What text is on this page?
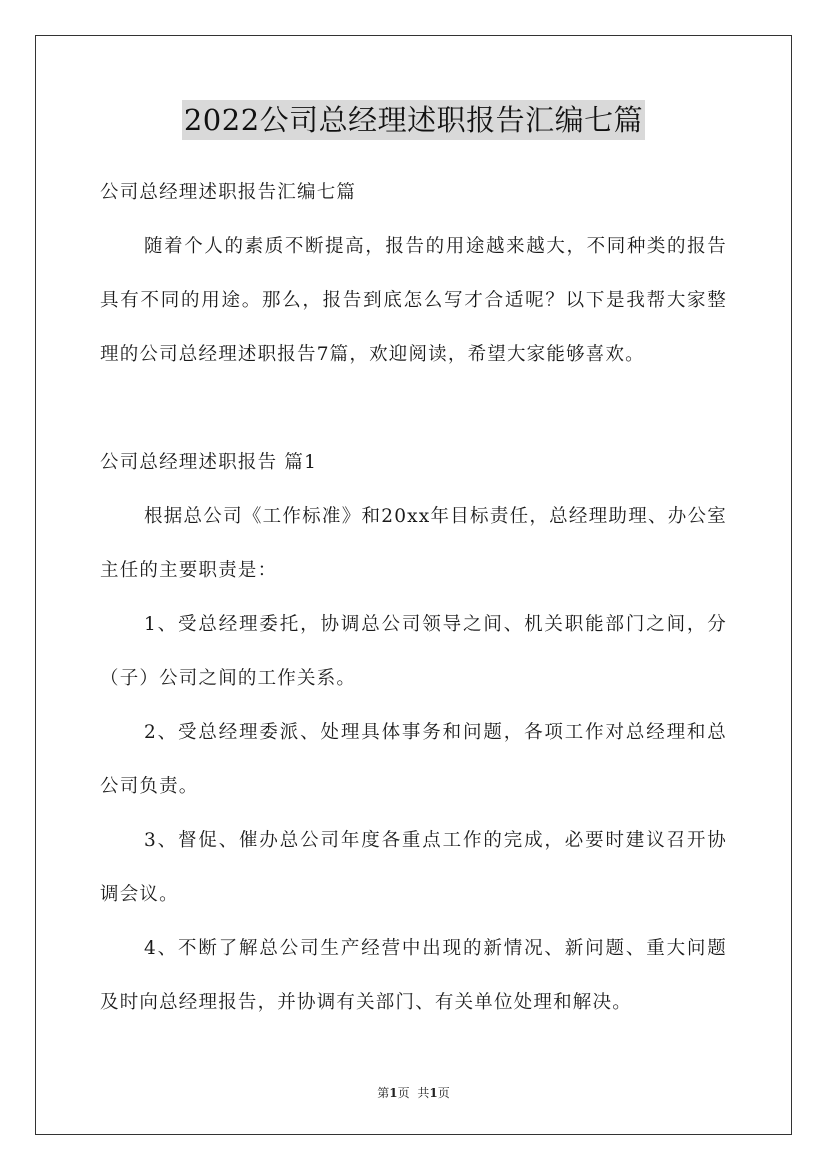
2022公司总经理述职报告汇编七篇

公司总经理述职报告汇编七篇

随着个人的素质不断提高，报告的用途越来越大，不同种类的报告具有不同的用途。那么，报告到底怎么写才合适呢？以下是我帮大家整理的公司总经理述职报告7篇，欢迎阅读，希望大家能够喜欢。

公司总经理述职报告 篇1

根据总公司《工作标准》和20xx年目标责任，总经理助理、办公室主任的主要职责是：

1、受总经理委托，协调总公司领导之间、机关职能部门之间，分（子）公司之间的工作关系。

2、受总经理委派、处理具体事务和问题，各项工作对总经理和总公司负责。

3、督促、催办总公司年度各重点工作的完成，必要时建议召开协调会议。

4、不断了解总公司生产经营中出现的新情况、新问题、重大问题及时向总经理报告，并协调有关部门、有关单位处理和解决。

第1页 共1页
